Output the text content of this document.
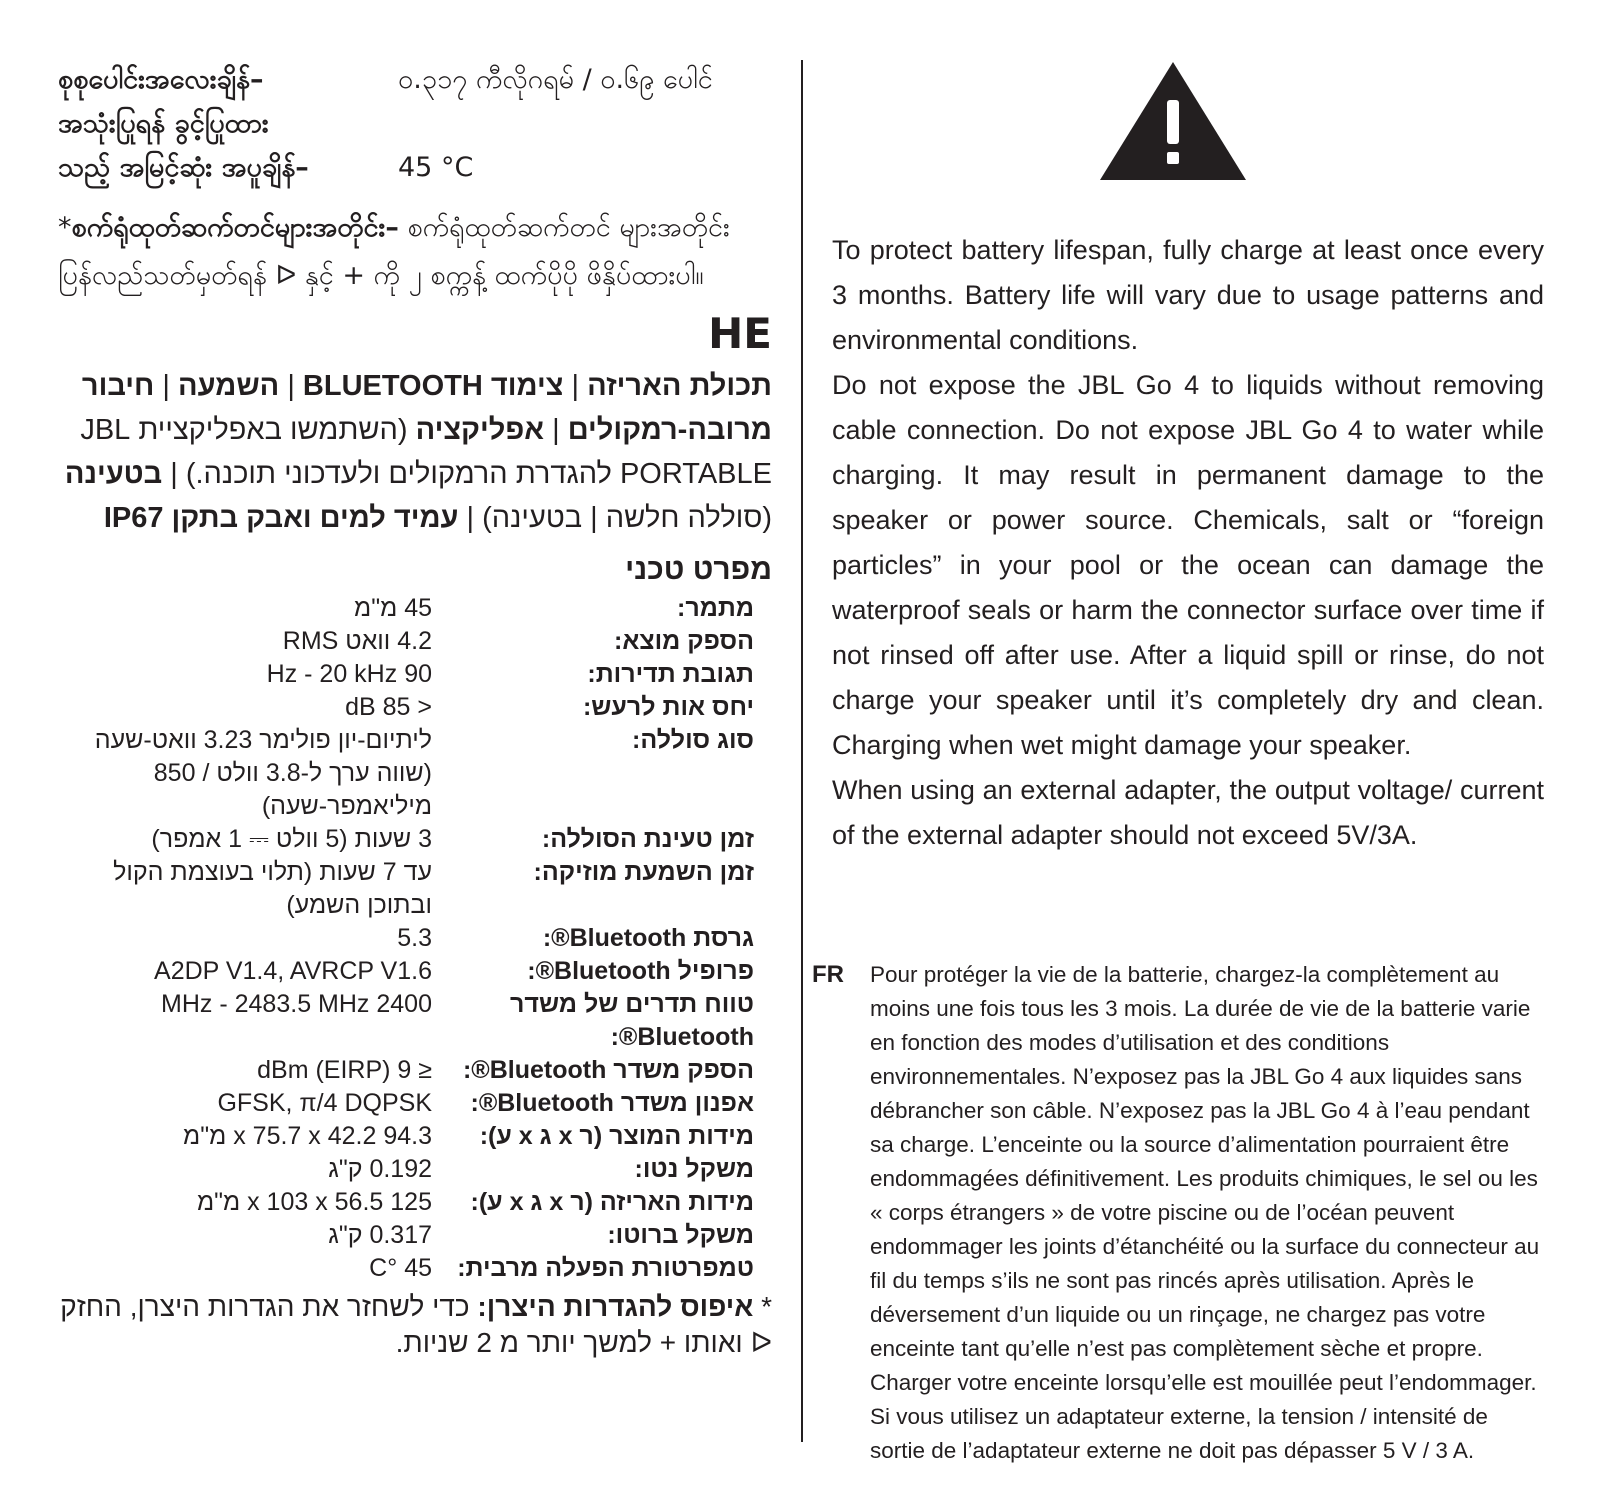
စုစုပေါင်းအလေးချိန်–	၀.၃၁၇ ကီလိုဂရမ် / ၀.၆၉ ပေါင်
အသုံးပြုရန် ခွင့်ပြုထား
သည့် အမြင့်ဆုံး အပူချိန်–	45 °C
*စက်ရုံထုတ်ဆက်တင်များအတိုင်း– စက်ရုံထုတ်ဆက်တင် များအတိုင်း ပြန်လည်သတ်မှတ်ရန် ᐅ နှင့် + ကို ၂ စက္ကန့် ထက်ပိုပို ဖိနှိပ်ထားပါ။
HE
תכולת האריזה | צימוד BLUETOOTH | השמעה | חיבור מרובה-רמקולים | אפליקציה (השתמשו באפליקציית JBL PORTABLE להגדרת הרמקולים ולעדכוני תוכנה.) | בטעינה (סוללה חלשה | בטעינה) | עמיד למים ואבק בתקן IP67
מפרט טכני
מתמר:
45 מ"מ
הספק מוצא:
4.2 וואט RMS
תגובת תדירות:
90 Hz - 20 kHz
יחס אות לרעש:
< 85 dB
סוג סוללה:
ליתיום-יון פולימר 3.23 וואט-שעה (שווה ערך ל-3.8 וולט / 850 מיליאמפר-שעה)
זמן טעינת הסוללה:
3 שעות (5 וולט ⎓ 1 אמפר)
זמן השמעת מוזיקה:
עד 7 שעות (תלוי בעוצמת הקול ובתוכן השמע)
גרסת Bluetooth®:
5.3
פרופיל Bluetooth®:
A2DP V1.4, AVRCP V1.6
טווח תדרים של משדר Bluetooth®:
2400 MHz - 2483.5 MHz
הספק משדר Bluetooth®:
≤ 9 dBm (EIRP)
אפנון משדר Bluetooth®:
GFSK, π/4 DQPSK
מידות המוצר (ר x ג x ע):
94.3 x 75.7 x 42.2 מ"מ
משקל נטו:
0.192 ק"ג
מידות האריזה (ר x ג x ע):
125 x 103 x 56.5 מ"מ
משקל ברוטו:
0.317 ק"ג
טמפרטורת הפעלה מרבית:
45 °C
* איפוס להגדרות היצרן: כדי לשחזר את הגדרות היצרן, החזק ᐅ ואותו + למשך יותר מ 2 שניות.

To protect battery lifespan, fully charge at least once every 3 months. Battery life will vary due to usage patterns and environmental conditions.

Do not expose the JBL Go 4 to liquids without removing cable connection. Do not expose JBL Go 4 to water while charging. It may result in permanent damage to the speaker or power source. Chemicals, salt or “foreign particles” in your pool or the ocean can damage the waterproof seals or harm the connector surface over time if not rinsed off after use. After a liquid spill or rinse, do not charge your speaker until it’s completely dry and clean. Charging when wet might damage your speaker.

When using an external adapter, the output voltage/ current of the external adapter should not exceed 5V/3A.

FR Pour protéger la vie de la batterie, chargez-la complètement au moins une fois tous les 3 mois. La durée de vie de la batterie varie en fonction des modes d’utilisation et des conditions environnementales. N’exposez pas la JBL Go 4 aux liquides sans débrancher son câble. N’exposez pas la JBL Go 4 à l’eau pendant sa charge. L’enceinte ou la source d’alimentation pourraient être endommagées définitivement. Les produits chimiques, le sel ou les « corps étrangers » de votre piscine ou de l’océan peuvent endommager les joints d’étanchéité ou la surface du connecteur au fil du temps s’ils ne sont pas rincés après utilisation. Après le déversement d’un liquide ou un rinçage, ne chargez pas votre enceinte tant qu’elle n’est pas complètement sèche et propre. Charger votre enceinte lorsqu’elle est mouillée peut l’endommager.

Si vous utilisez un adaptateur externe, la tension / intensité de sortie de l’adaptateur externe ne doit pas dépasser 5 V / 3 A.
